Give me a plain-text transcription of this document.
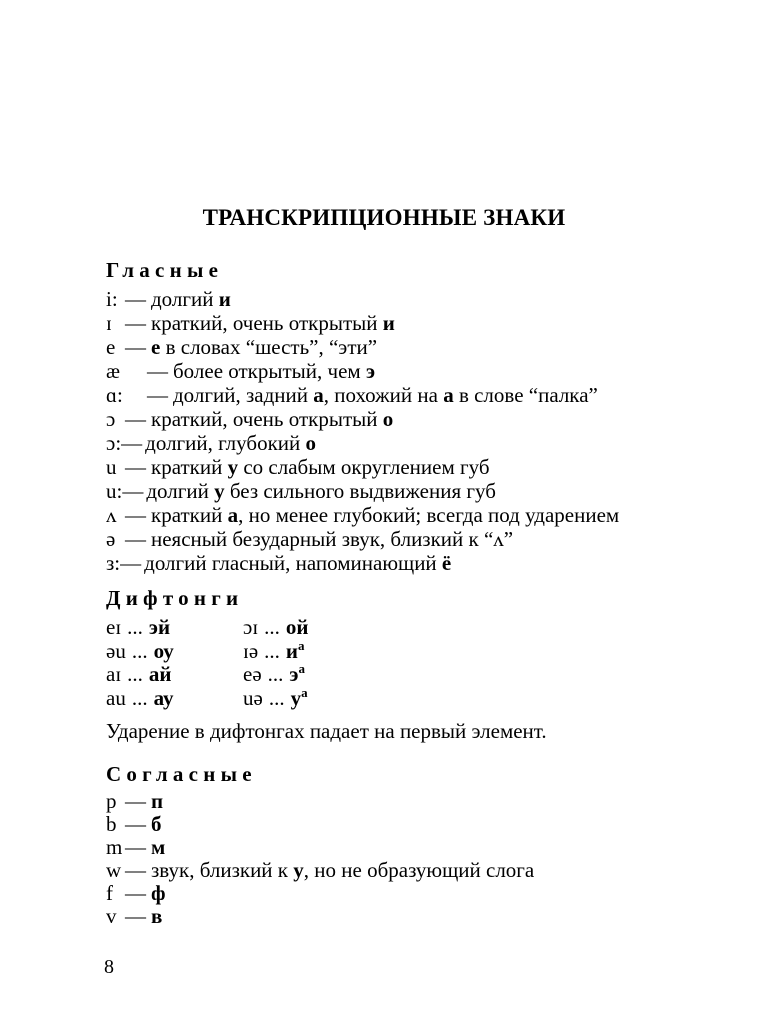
ТРАНСКРИПЦИОННЫЕ ЗНАКИ
Гласные
i: — долгий и
ɪ — краткий, очень открытый и
e — е в словах “шесть”, “эти”
æ — более открытый, чем э
ɑ: — долгий, задний а, похожий на а в слове “палка”
ɔ — краткий, очень открытый о
ɔ:— долгий, глубокий о
u — краткий у со слабым округлением губ
u:— долгий у без сильного выдвижения губ
ʌ — краткий а, но менее глубокий; всегда под ударением
ə — неясный безударный звук, близкий к “ʌ”
з:— долгий гласный, напоминающий ё
Дифтонги
eɪ ... эй	ɔɪ ... ой
əu ... оу	ɪə ... $и^а$
aɪ ... ай	eə ... $э^а$
au ... ау	uə ... $у^а$
Ударение в дифтонгах падает на первый элемент.
Согласные
p — п
b — б
m — м
w — звук, близкий к у, но не образующий слога
f — ф
v — в
8
